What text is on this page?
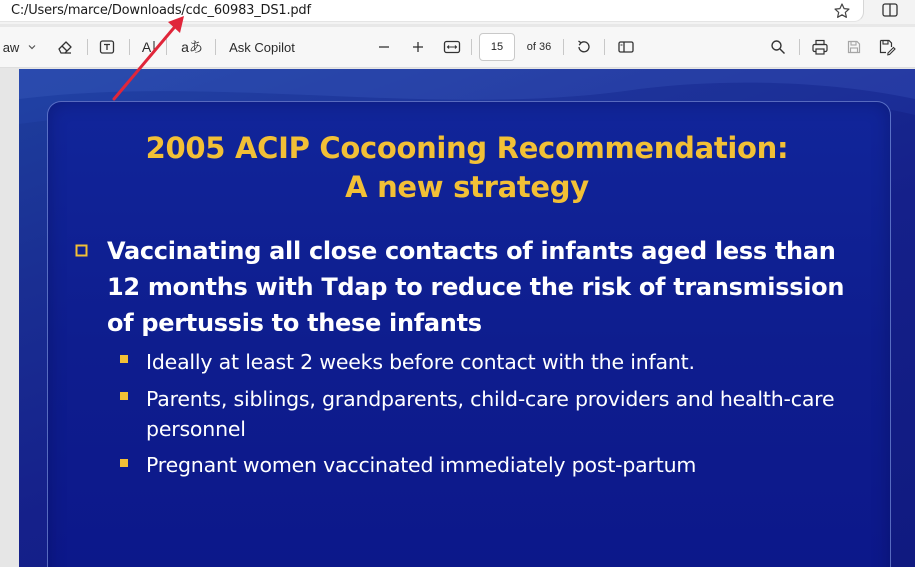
C:/Users/marce/Downloads/cdc_60983_DS1.pdf
aw	A aあ Ask Copilot	15	of 36
2005 ACIP Cocooning Recommendation:
A new strategy
Vaccinating all close contacts of infants aged less than 12 months with Tdap to reduce the risk of transmission of pertussis to these infants
Ideally at least 2 weeks before contact with the infant.
Parents, siblings, grandparents, child-care providers and health-care personnel
Pregnant women vaccinated immediately post-partum
